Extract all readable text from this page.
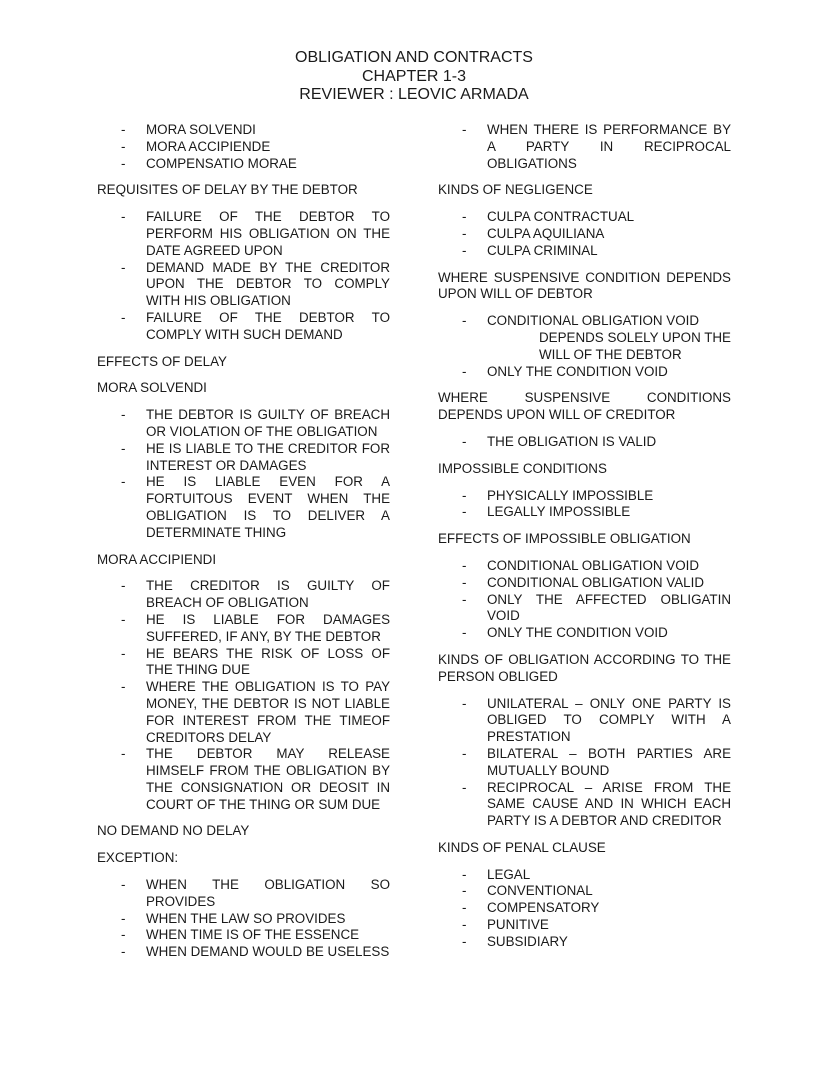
OBLIGATION AND CONTRACTS
CHAPTER 1-3
REVIEWER : LEOVIC ARMADA
- MORA SOLVENDI
- MORA ACCIPIENDE
- COMPENSATIO MORAE
REQUISITES OF DELAY BY THE DEBTOR
- FAILURE OF THE DEBTOR TO PERFORM HIS OBLIGATION ON THE DATE AGREED UPON
- DEMAND MADE BY THE CREDITOR UPON THE DEBTOR TO COMPLY WITH HIS OBLIGATION
- FAILURE OF THE DEBTOR TO COMPLY WITH SUCH DEMAND
EFFECTS OF DELAY
MORA SOLVENDI
- THE DEBTOR IS GUILTY OF BREACH OR VIOLATION OF THE OBLIGATION
- HE IS LIABLE TO THE CREDITOR FOR INTEREST OR DAMAGES
- HE IS LIABLE EVEN FOR A FORTUITOUS EVENT WHEN THE OBLIGATION IS TO DELIVER A DETERMINATE THING
MORA ACCIPIENDI
- THE CREDITOR IS GUILTY OF BREACH OF OBLIGATION
- HE IS LIABLE FOR DAMAGES SUFFERED, IF ANY, BY THE DEBTOR
- HE BEARS THE RISK OF LOSS OF THE THING DUE
- WHERE THE OBLIGATION IS TO PAY MONEY, THE DEBTOR IS NOT LIABLE FOR INTEREST FROM THE TIMEOF CREDITORS DELAY
- THE DEBTOR MAY RELEASE HIMSELF FROM THE OBLIGATION BY THE CONSIGNATION OR DEOSIT IN COURT OF THE THING OR SUM DUE
NO DEMAND NO DELAY
EXCEPTION:
- WHEN THE OBLIGATION SO PROVIDES
- WHEN THE LAW SO PROVIDES
- WHEN TIME IS OF THE ESSENCE
- WHEN DEMAND WOULD BE USELESS
- WHEN THERE IS PERFORMANCE BY A PARTY IN RECIPROCAL OBLIGATIONS
KINDS OF NEGLIGENCE
- CULPA CONTRACTUAL
- CULPA AQUILIANA
- CULPA CRIMINAL
WHERE SUSPENSIVE CONDITION DEPENDS UPON WILL OF DEBTOR
- CONDITIONAL OBLIGATION VOID
DEPENDS SOLELY UPON THE WILL OF THE DEBTOR
- ONLY THE CONDITION VOID
WHERE SUSPENSIVE CONDITIONS DEPENDS UPON WILL OF CREDITOR
- THE OBLIGATION IS VALID
IMPOSSIBLE CONDITIONS
- PHYSICALLY IMPOSSIBLE
- LEGALLY IMPOSSIBLE
EFFECTS OF IMPOSSIBLE OBLIGATION
- CONDITIONAL OBLIGATION VOID
- CONDITIONAL OBLIGATION VALID
- ONLY THE AFFECTED OBLIGATIN VOID
- ONLY THE CONDITION VOID
KINDS OF OBLIGATION ACCORDING TO THE PERSON OBLIGED
- UNILATERAL – ONLY ONE PARTY IS OBLIGED TO COMPLY WITH A PRESTATION
- BILATERAL – BOTH PARTIES ARE MUTUALLY BOUND
- RECIPROCAL – ARISE FROM THE SAME CAUSE AND IN WHICH EACH PARTY IS A DEBTOR AND CREDITOR
KINDS OF PENAL CLAUSE
- LEGAL
- CONVENTIONAL
- COMPENSATORY
- PUNITIVE
- SUBSIDIARY
